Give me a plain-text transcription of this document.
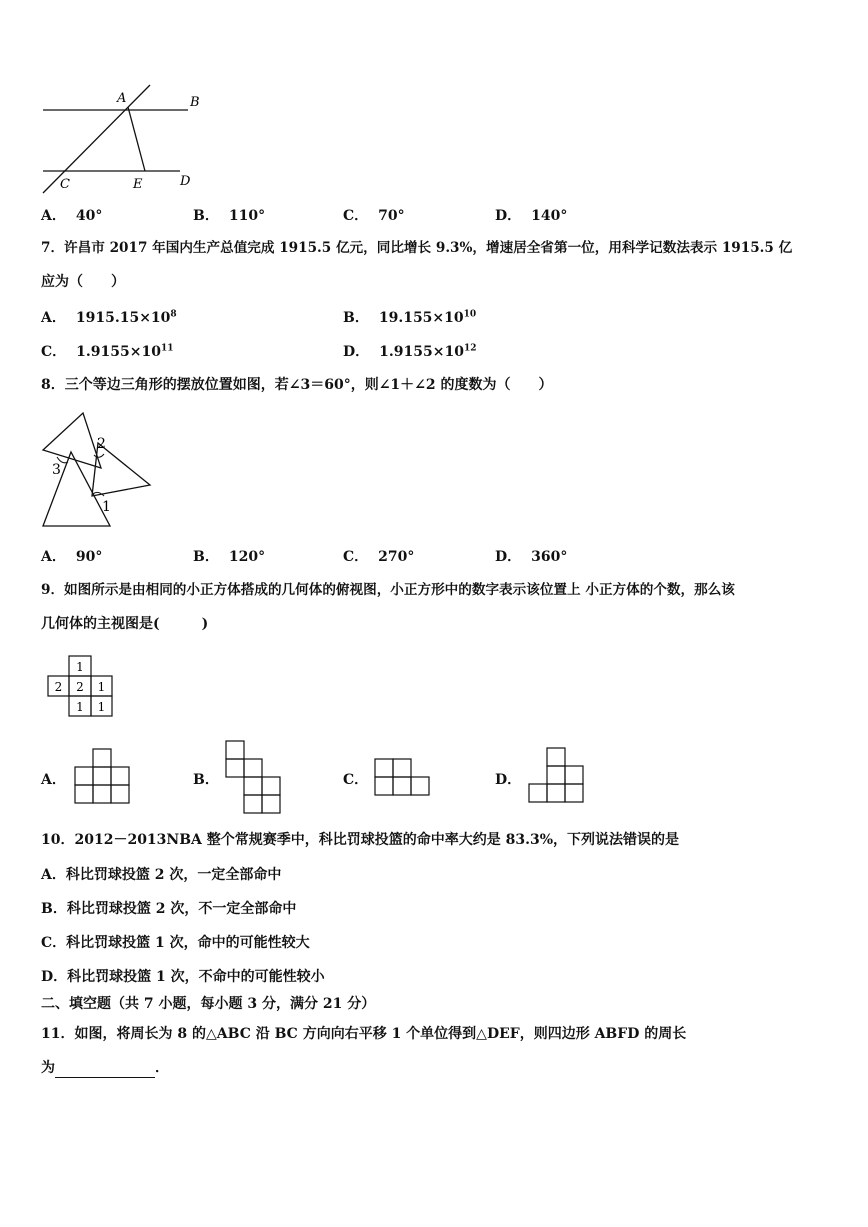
A	B
C	E	D
A． 40°	B． 110°	C． 70°	D． 140°
7．许昌市 2017 年国内生产总值完成 1915.5 亿元，同比增长 9.3%，增速居全省第一位，用科学记数法表示 1915.5 亿
应为（　　）
A． $1915.15\times 10^8$	B． $19.155\times 10^{10}$
C． $1.9155\times 10^{11}$	D． $1.9155\times 10^{12}$
8．三个等边三角形的摆放位置如图，若∠3＝60°，则∠1＋∠2 的度数为（　　）
2
3
1
A． 90°	B． 120°	C． 270°	D． 360°
9．如图所示是由相同的小正方体搭成的几何体的俯视图，小正方形中的数字表示该位置上 小正方体的个数，那么该
几何体的主视图是(　　　)
1
2 2 1
1 1
A．	B．	C．	D．
10．2012－2013NBA 整个常规赛季中，科比罚球投篮的命中率大约是 83.3%，下列说法错误的是
A．科比罚球投篮 2 次，一定全部命中
B．科比罚球投篮 2 次，不一定全部命中
C．科比罚球投篮 1 次，命中的可能性较大
D．科比罚球投篮 1 次，不命中的可能性较小
二、填空题（共 7 小题，每小题 3 分，满分 21 分）
11．如图，将周长为 8 的△ABC 沿 BC 方向向右平移 1 个单位得到△DEF，则四边形 ABFD 的周长
为	．
